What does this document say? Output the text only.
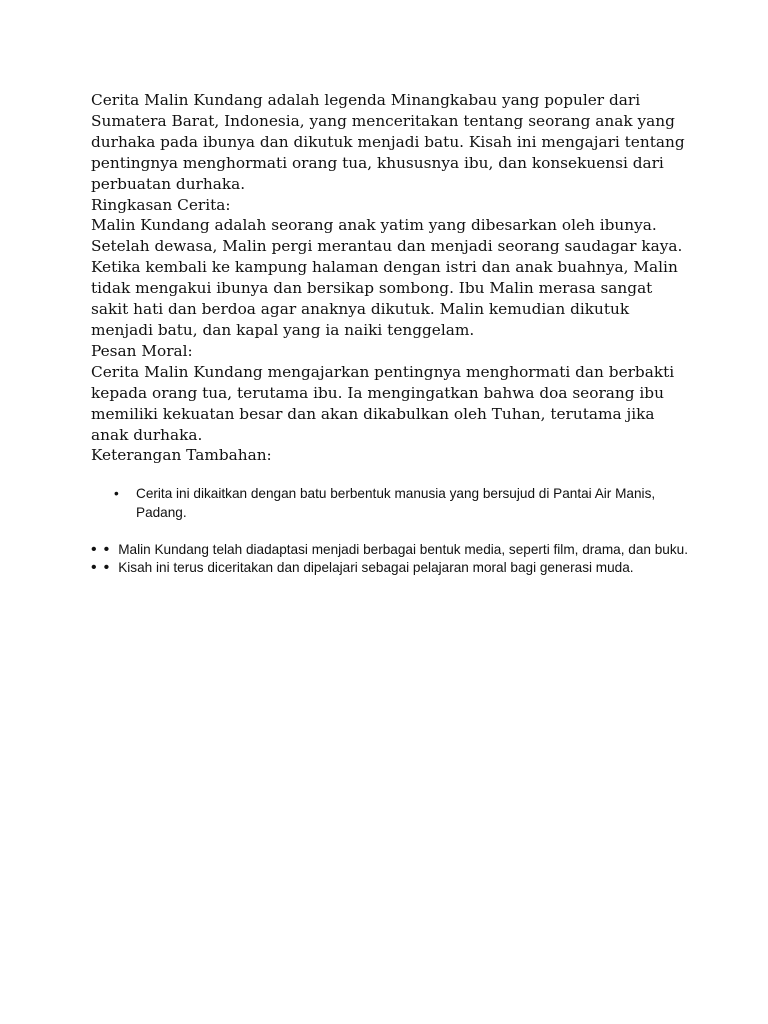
Cerita Malin Kundang adalah legenda Minangkabau yang populer dari Sumatera Barat, Indonesia, yang menceritakan tentang seorang anak yang durhaka pada ibunya dan dikutuk menjadi batu. Kisah ini mengajari tentang pentingnya menghormati orang tua, khususnya ibu, dan konsekuensi dari perbuatan durhaka.

Ringkasan Cerita:

Malin Kundang adalah seorang anak yatim yang dibesarkan oleh ibunya. Setelah dewasa, Malin pergi merantau dan menjadi seorang saudagar kaya. Ketika kembali ke kampung halaman dengan istri dan anak buahnya, Malin tidak mengakui ibunya dan bersikap sombong. Ibu Malin merasa sangat sakit hati dan berdoa agar anaknya dikutuk. Malin kemudian dikutuk menjadi batu, dan kapal yang ia naiki tenggelam.

Pesan Moral:

Cerita Malin Kundang mengajarkan pentingnya menghormati dan berbakti kepada orang tua, terutama ibu. Ia mengingatkan bahwa doa seorang ibu memiliki kekuatan besar dan akan dikabulkan oleh Tuhan, terutama jika anak durhaka.

Keterangan Tambahan:

• Cerita ini dikaitkan dengan batu berbentuk manusia yang bersujud di Pantai Air Manis, Padang.
• • Malin Kundang telah diadaptasi menjadi berbagai bentuk media, seperti film, drama, dan buku.
• • Kisah ini terus diceritakan dan dipelajari sebagai pelajaran moral bagi generasi muda.
